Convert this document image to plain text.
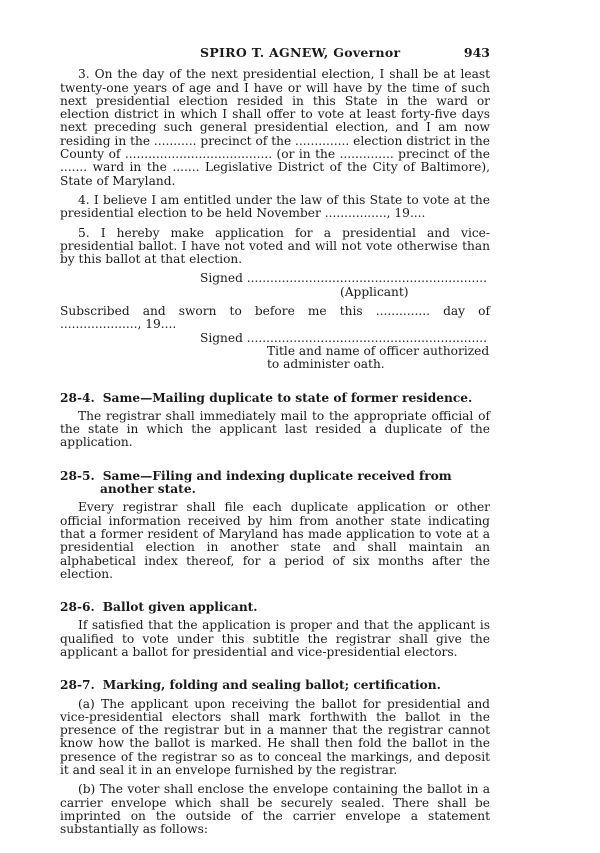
SPIRO T. AGNEW, Governor	943

3. On the day of the next presidential election, I shall be at least twenty-one years of age and I have or will have by the time of such next presidential election resided in this State in the ward or election district in which I shall offer to vote at least forty-five days next preceding such general presidential election, and I am now residing in the ........... precinct of the .............. election district in the County of ...................................... (or in the .............. precinct of the ....... ward in the ....... Legislative District of the City of Baltimore), State of Maryland.

4. I believe I am entitled under the law of this State to vote at the presidential election to be held November ................, 19....

5. I hereby make application for a presidential and vice-presidential ballot. I have not voted and will not vote otherwise than by this ballot at that election.

Signed ..............................................................
(Applicant)

Subscribed and sworn to before me this .............. day of ...................., 19....

Signed ..............................................................
Title and name of officer authorized to administer oath.
28-4. Same—Mailing duplicate to state of former residence.

The registrar shall immediately mail to the appropriate official of the state in which the applicant last resided a duplicate of the application.

28-5. Same—Filing and indexing duplicate received from another state.

Every registrar shall file each duplicate application or other official information received by him from another state indicating that a former resident of Maryland has made application to vote at a presidential election in another state and shall maintain an alphabetical index thereof, for a period of six months after the election.

28-6. Ballot given applicant.

If satisfied that the application is proper and that the applicant is qualified to vote under this subtitle the registrar shall give the applicant a ballot for presidential and vice-presidential electors.

28-7. Marking, folding and sealing ballot; certification.

(a) The applicant upon receiving the ballot for presidential and vice-presidential electors shall mark forthwith the ballot in the presence of the registrar but in a manner that the registrar cannot know how the ballot is marked. He shall then fold the ballot in the presence of the registrar so as to conceal the markings, and deposit it and seal it in an envelope furnished by the registrar.

(b) The voter shall enclose the envelope containing the ballot in a carrier envelope which shall be securely sealed. There shall be imprinted on the outside of the carrier envelope a statement substantially as follows:
